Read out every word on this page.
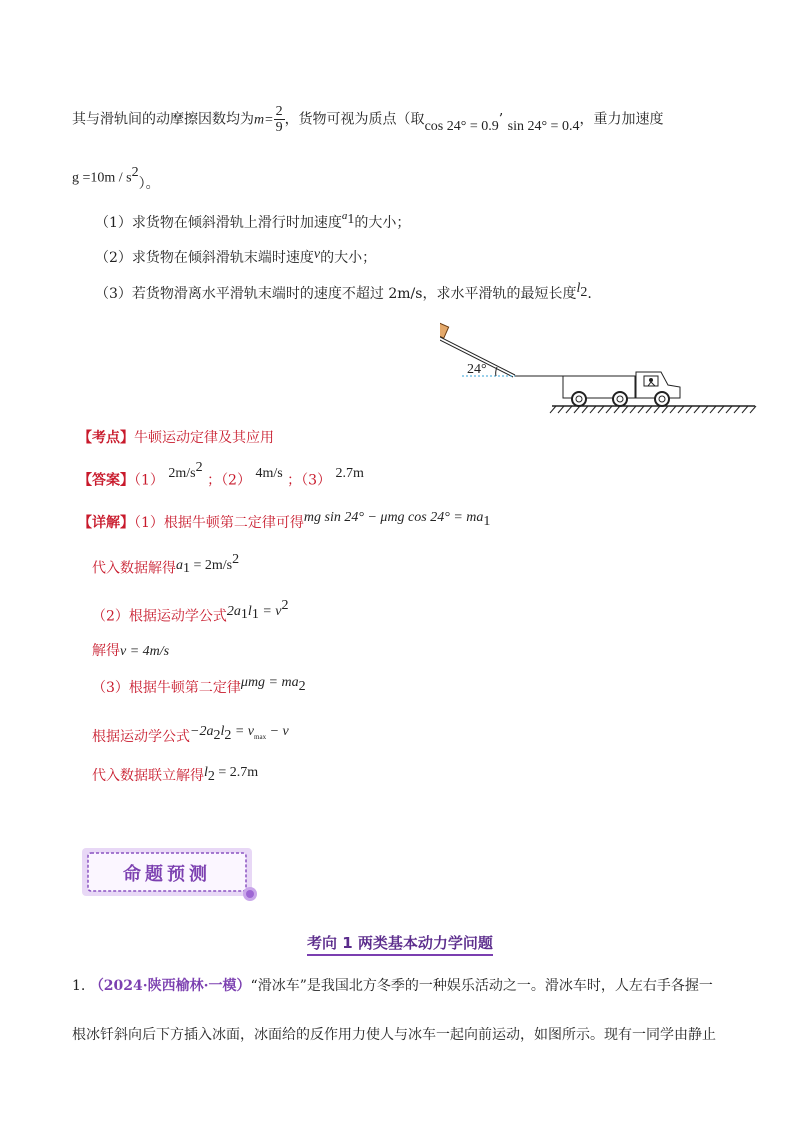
其与滑轨间的动摩擦因数均为$m= \frac{2}{9}$ ，货物可视为质点（取cos 24° = 0.9’ sin 24° = 0.4，重力加速度
$g =10m / s^2$）。
（1）求货物在倾斜滑轨上滑行时加速度$^a_1$的大小；
（2）求货物在倾斜滑轨末端时速度v的大小；
（3）若货物滑离水平滑轨末端时的速度不超过 2m/s，求水平滑轨的最短长度$l_2$.
24°
【考点】牛顿运动定律及其应用
【答案】（1） $2m/s^2$ ；（2） 4m/s ；（3） 2.7m
【详解】（1）根据牛顿第二定律可得mg sin 24° − μmg $\cos 24^\circ = ma_1$
代入数据解得$a_1 = 2m/s^2$
（2）根据运动学公式$2a_1l_1 = v^2$
解得v = 4m/s
（3）根据牛顿第二定律$\mu mg = ma_2$
根据运动学公式$-2a_2l_2 = v_{max} - v$
代入数据联立解得$l_2 = 2.7m$
命题预测
考向 1 两类基本动力学问题
1. （2024·陕西榆林·一模）“滑冰车”是我国北方冬季的一种娱乐活动之一。滑冰车时，人左右手各握一
根冰钎斜向后下方插入冰面，冰面给的反作用力使人与冰车一起向前运动，如图所示。现有一同学由静止
